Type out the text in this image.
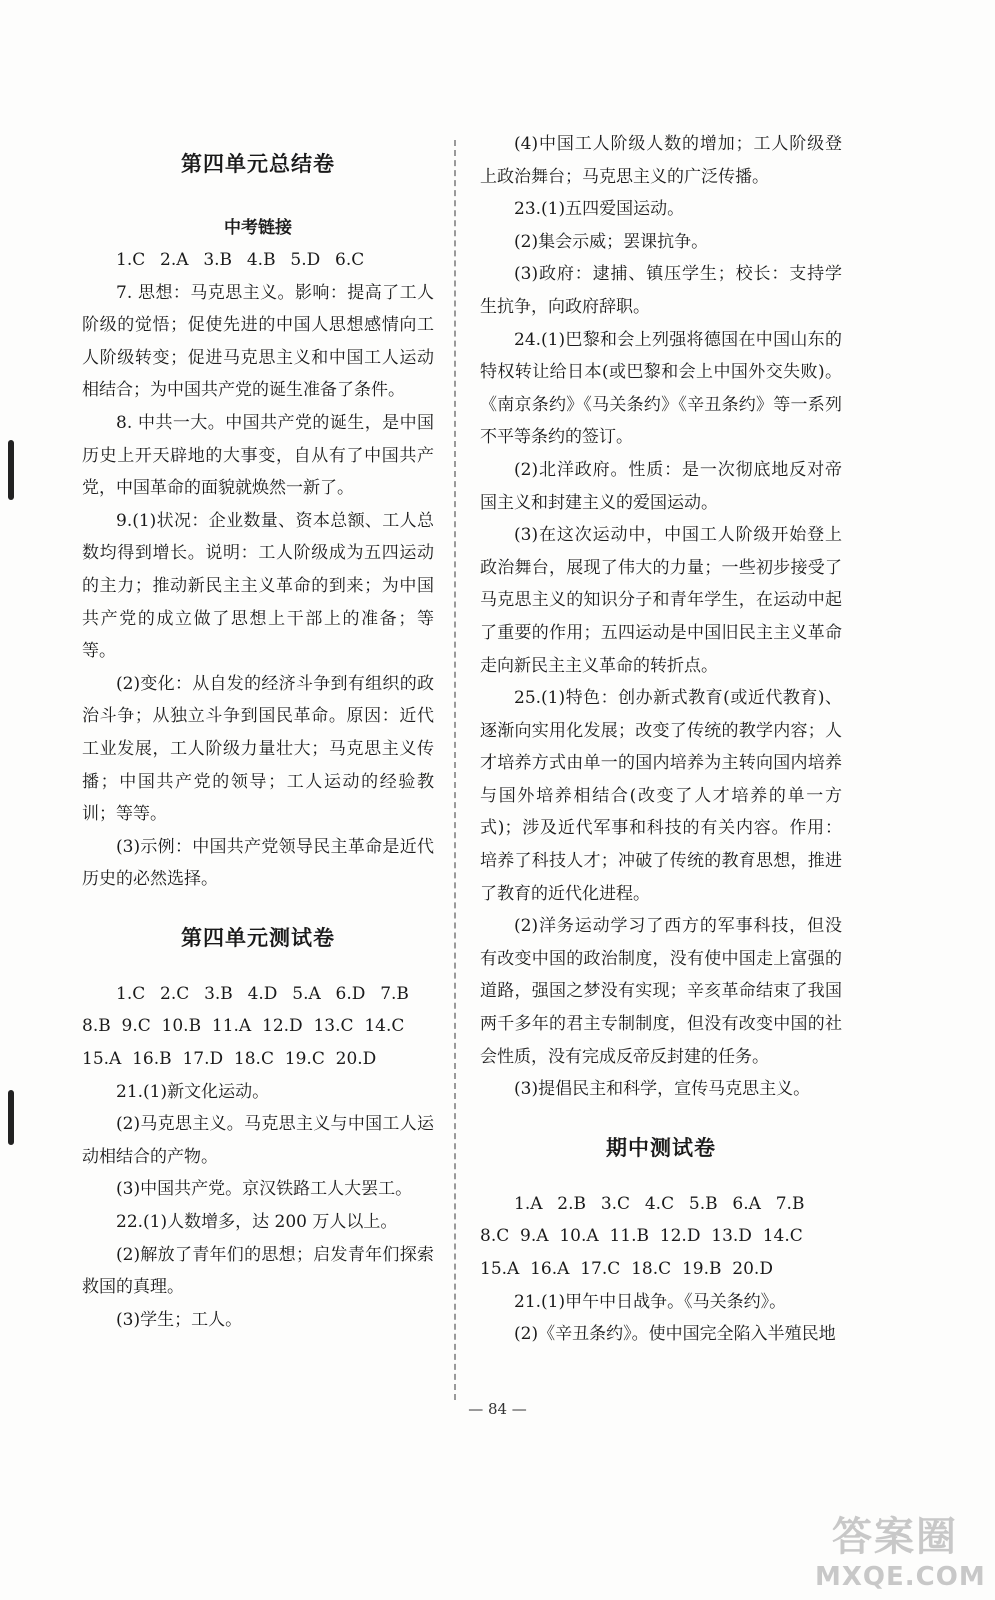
第四单元总结卷
中考链接

1.C  2.A  3.B  4.B  5.D  6.C

7. 思想：马克思主义。影响：提高了工人阶级的觉悟；促使先进的中国人思想感情向工人阶级转变；促进马克思主义和中国工人运动相结合；为中国共产党的诞生准备了条件。

8. 中共一大。中国共产党的诞生，是中国历史上开天辟地的大事变，自从有了中国共产党，中国革命的面貌就焕然一新了。

9.(1)状况：企业数量、资本总额、工人总数均得到增长。说明：工人阶级成为五四运动的主力；推动新民主主义革命的到来；为中国共产党的成立做了思想上干部上的准备；等等。

(2)变化：从自发的经济斗争到有组织的政治斗争；从独立斗争到国民革命。原因：近代工业发展，工人阶级力量壮大；马克思主义传播；中国共产党的领导；工人运动的经验教训；等等。

(3)示例：中国共产党领导民主革命是近代历史的必然选择。

第四单元测试卷

1.C  2.C  3.B  4.D  5.A  6.D  7.B

8.B  9.C  10.B  11.A  12.D  13.C  14.C

15.A  16.B  17.D  18.C  19.C  20.D

21.(1)新文化运动。

(2)马克思主义。马克思主义与中国工人运动相结合的产物。

(3)中国共产党。京汉铁路工人大罢工。

22.(1)人数增多，达 200 万人以上。

(2)解放了青年们的思想；启发青年们探索救国的真理。

(3)学生；工人。

(4)中国工人阶级人数的增加；工人阶级登上政治舞台；马克思主义的广泛传播。

23.(1)五四爱国运动。

(2)集会示威；罢课抗争。

(3)政府：逮捕、镇压学生；校长：支持学生抗争，向政府辞职。

24.(1)巴黎和会上列强将德国在中国山东的特权转让给日本(或巴黎和会上中国外交失败)。《南京条约》《马关条约》《辛丑条约》等一系列不平等条约的签订。

(2)北洋政府。性质：是一次彻底地反对帝国主义和封建主义的爱国运动。

(3)在这次运动中，中国工人阶级开始登上政治舞台，展现了伟大的力量；一些初步接受了马克思主义的知识分子和青年学生，在运动中起了重要的作用；五四运动是中国旧民主主义革命走向新民主主义革命的转折点。

25.(1)特色：创办新式教育(或近代教育)、逐渐向实用化发展；改变了传统的教学内容；人才培养方式由单一的国内培养为主转向国内培养与国外培养相结合(改变了人才培养的单一方式)；涉及近代军事和科技的有关内容。作用：培养了科技人才；冲破了传统的教育思想，推进了教育的近代化进程。

(2)洋务运动学习了西方的军事科技，但没有改变中国的政治制度，没有使中国走上富强的道路，强国之梦没有实现；辛亥革命结束了我国两千多年的君主专制制度，但没有改变中国的社会性质，没有完成反帝反封建的任务。

(3)提倡民主和科学，宣传马克思主义。

期中测试卷

1.A  2.B  3.C  4.C  5.B  6.A  7.B

8.C  9.A  10.A  11.B  12.D  13.D  14.C

15.A  16.A  17.C  18.C  19.B  20.D

21.(1)甲午中日战争。《马关条约》。

(2)《辛丑条约》。使中国完全陷入半殖民地

— 84 —
答案圈
MXQE.COM
